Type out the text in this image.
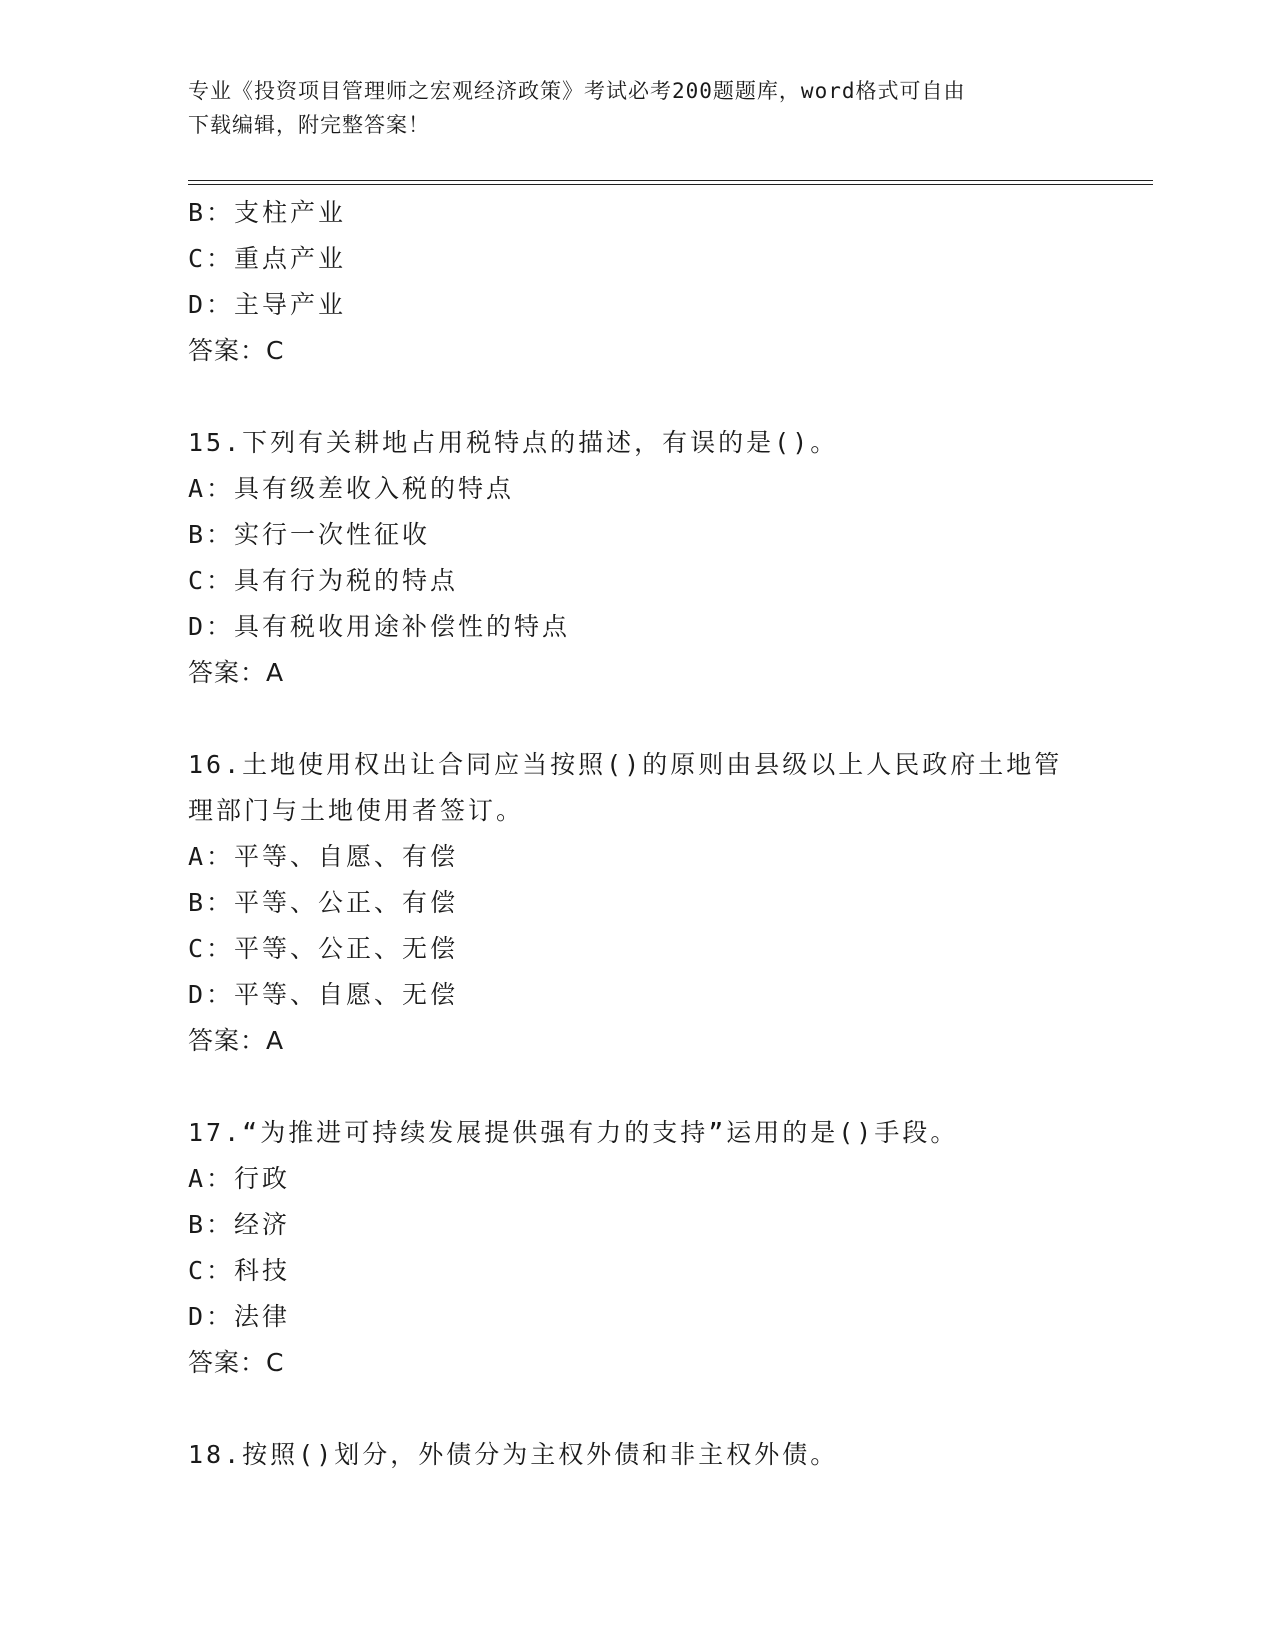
专业《投资项目管理师之宏观经济政策》考试必考200题题库，word格式可自由
下载编辑，附完整答案！
B：支柱产业
C：重点产业
D：主导产业
答案：C
15.下列有关耕地占用税特点的描述，有误的是()。
A：具有级差收入税的特点
B：实行一次性征收
C：具有行为税的特点
D：具有税收用途补偿性的特点
答案：A
16.土地使用权出让合同应当按照()的原则由县级以上人民政府土地管
理部门与土地使用者签订。
A：平等、自愿、有偿
B：平等、公正、有偿
C：平等、公正、无偿
D：平等、自愿、无偿
答案：A
17.“为推进可持续发展提供强有力的支持”运用的是()手段。
A：行政
B：经济
C：科技
D：法律
答案：C
18.按照()划分，外债分为主权外债和非主权外债。
